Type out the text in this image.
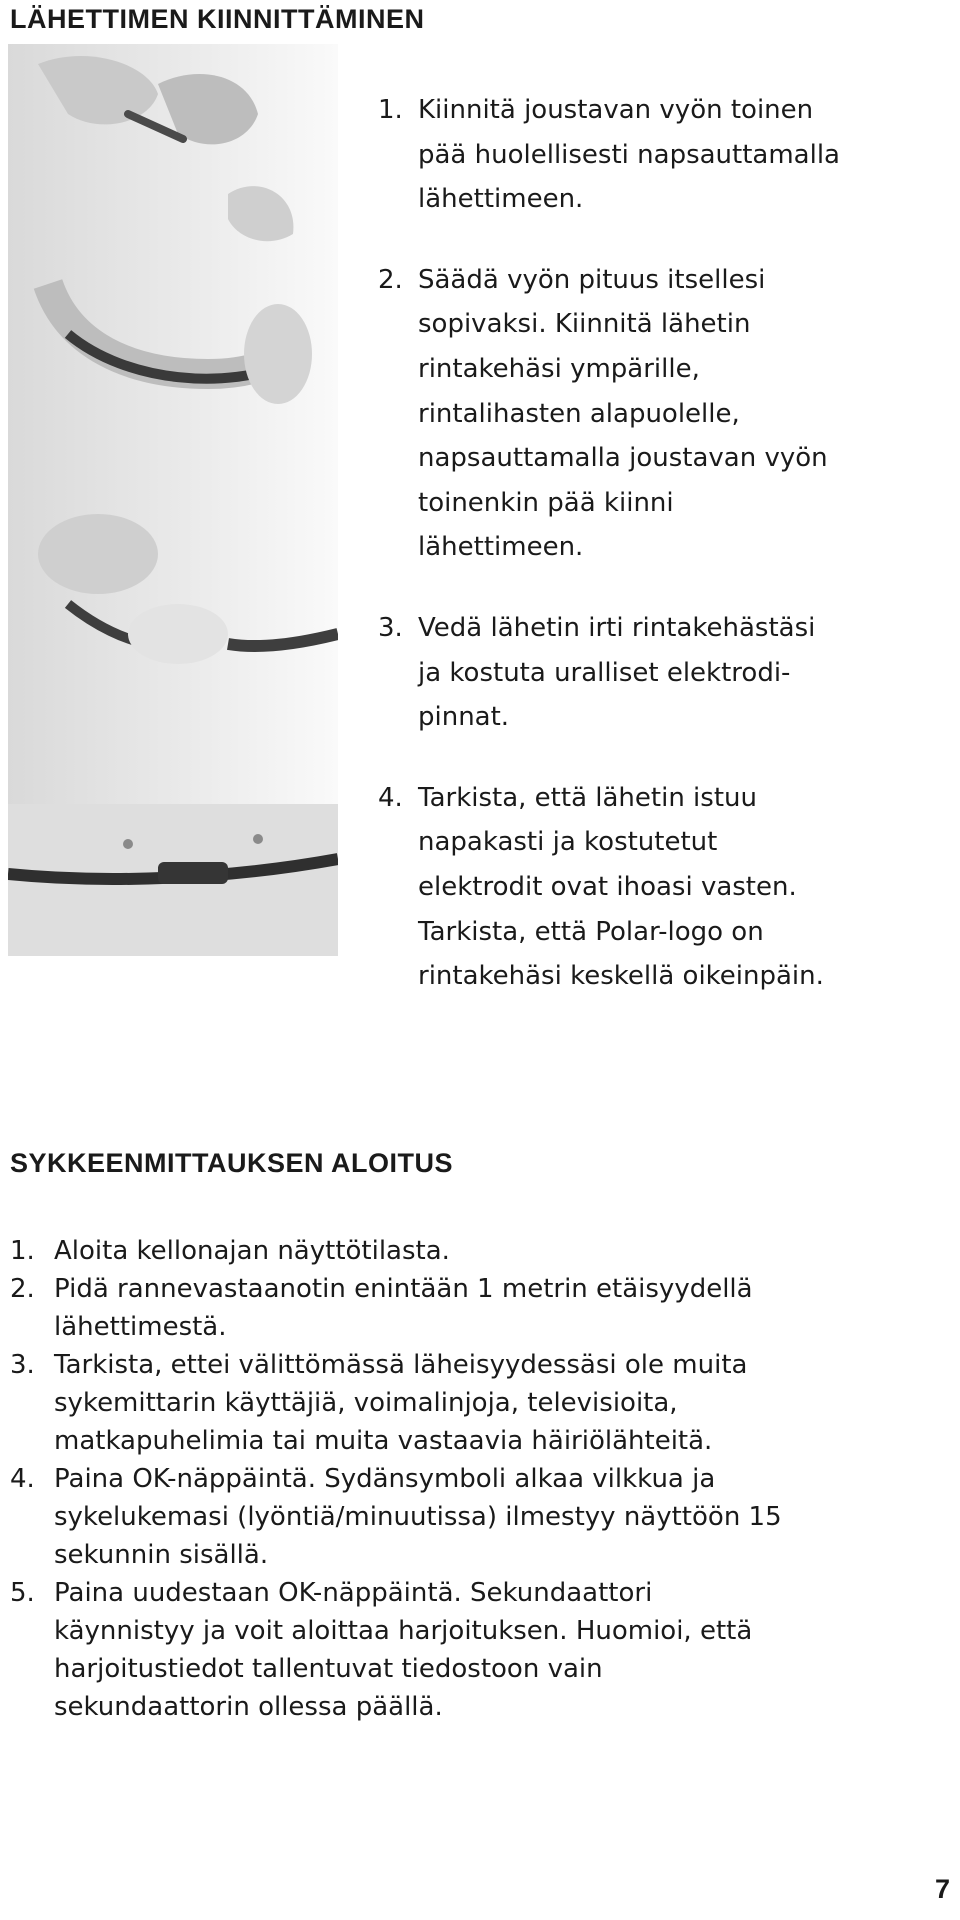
LÄHETTIMEN KIINNITTÄMINEN
1. Kiinnitä joustavan vyön toinen
pää huolellisesti napsauttamalla
lähettimeen.
2. Säädä vyön pituus itsellesi
sopivaksi. Kiinnitä lähetin
rintakehäsi ympärille,
rintalihasten alapuolelle,
napsauttamalla joustavan vyön
toinenkin pää kiinni
lähettimeen.
3. Vedä lähetin irti rintakehästäsi
ja kostuta uralliset elektrodi-
pinnat.
4. Tarkista, että lähetin istuu
napakasti ja kostutetut
elektrodit ovat ihoasi vasten.
Tarkista, että Polar-logo on
rintakehäsi keskellä oikeinpäin.
SYKKEENMITTAUKSEN ALOITUS
1. Aloita kellonajan näyttötilasta.
2. Pidä rannevastaanotin enintään 1 metrin etäisyydellä
lähettimestä.
3. Tarkista, ettei välittömässä läheisyydessäsi ole muita
sykemittarin käyttäjiä, voimalinjoja, televisioita,
matkapuhelimia tai muita vastaavia häiriölähteitä.
4. Paina OK-näppäintä. Sydänsymboli alkaa vilkkua ja
sykelukemasi (lyöntiä/minuutissa) ilmestyy näyttöön 15
sekunnin sisällä.
5. Paina uudestaan OK-näppäintä. Sekundaattori
käynnistyy ja voit aloittaa harjoituksen. Huomioi, että
harjoitustiedot tallentuvat tiedostoon vain
sekundaattorin ollessa päällä.
7
